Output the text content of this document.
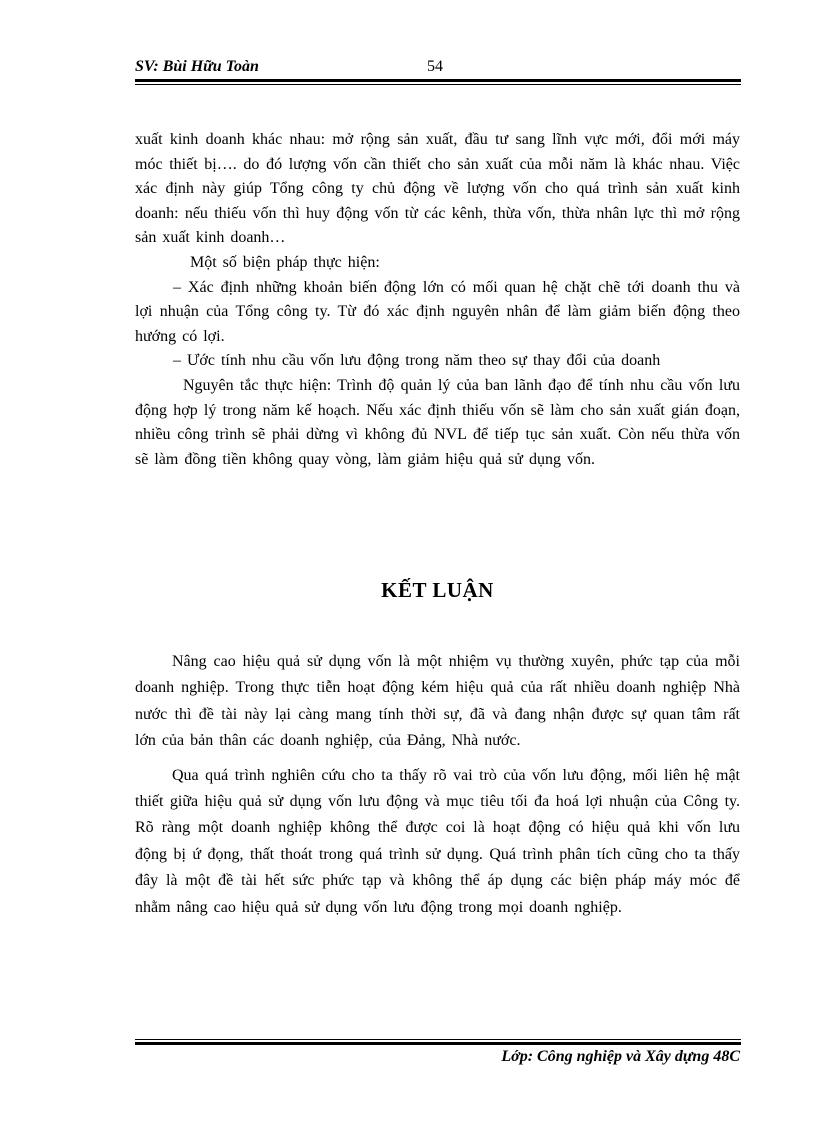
SV: Bùi Hữu Toàn	54

xuất kinh doanh khác nhau: mở rộng sản xuất, đầu tư sang lĩnh vực mới, đổi mới máy móc thiết bị…. do đó lượng vốn cần thiết cho sản xuất của mỗi năm là khác nhau. Việc xác định này giúp Tổng công ty chủ động về lượng vốn cho quá trình sản xuất kinh doanh: nếu thiếu vốn thì huy động vốn từ các kênh, thừa vốn, thừa nhân lực thì mở rộng sản xuất kinh doanh…

Một số biện pháp thực hiện:

– Xác định những khoản biến động lớn có mối quan hệ chặt chẽ tới doanh thu và lợi nhuận của Tổng công ty. Từ đó xác định nguyên nhân để làm giảm biến động theo hướng có lợi.

– Ước tính nhu cầu vốn lưu động trong năm theo sự thay đổi của doanh

Nguyên tắc thực hiện: Trình độ quản lý của ban lãnh đạo để tính nhu cầu vốn lưu động hợp lý trong năm kế hoạch. Nếu xác định thiếu vốn sẽ làm cho sản xuất gián đoạn, nhiều công trình sẽ phải dừng vì không đủ NVL để tiếp tục sản xuất. Còn nếu thừa vốn sẽ làm đồng tiền không quay vòng, làm giảm hiệu quả sử dụng vốn.

KẾT LUẬN

Nâng cao hiệu quả sử dụng vốn là một nhiệm vụ thường xuyên, phức tạp của mỗi doanh nghiệp. Trong thực tiễn hoạt động kém hiệu quả của rất nhiều doanh nghiệp Nhà nước thì đề tài này lại càng mang tính thời sự, đã và đang nhận được sự quan tâm rất lớn của bản thân các doanh nghiệp, của Đảng, Nhà nước.

Qua quá trình nghiên cứu cho ta thấy rõ vai trò của vốn lưu động, mối liên hệ mật thiết giữa hiệu quả sử dụng vốn lưu động và mục tiêu tối đa hoá lợi nhuận của Công ty. Rõ ràng một doanh nghiệp không thể được coi là hoạt động có hiệu quả khi vốn lưu động bị ứ đọng, thất thoát trong quá trình sử dụng. Quá trình phân tích cũng cho ta thấy đây là một đề tài hết sức phức tạp và không thể áp dụng các biện pháp máy móc để nhằm nâng cao hiệu quả sử dụng vốn lưu động trong mọi doanh nghiệp.

Lớp: Công nghiệp và Xây dựng 48C
